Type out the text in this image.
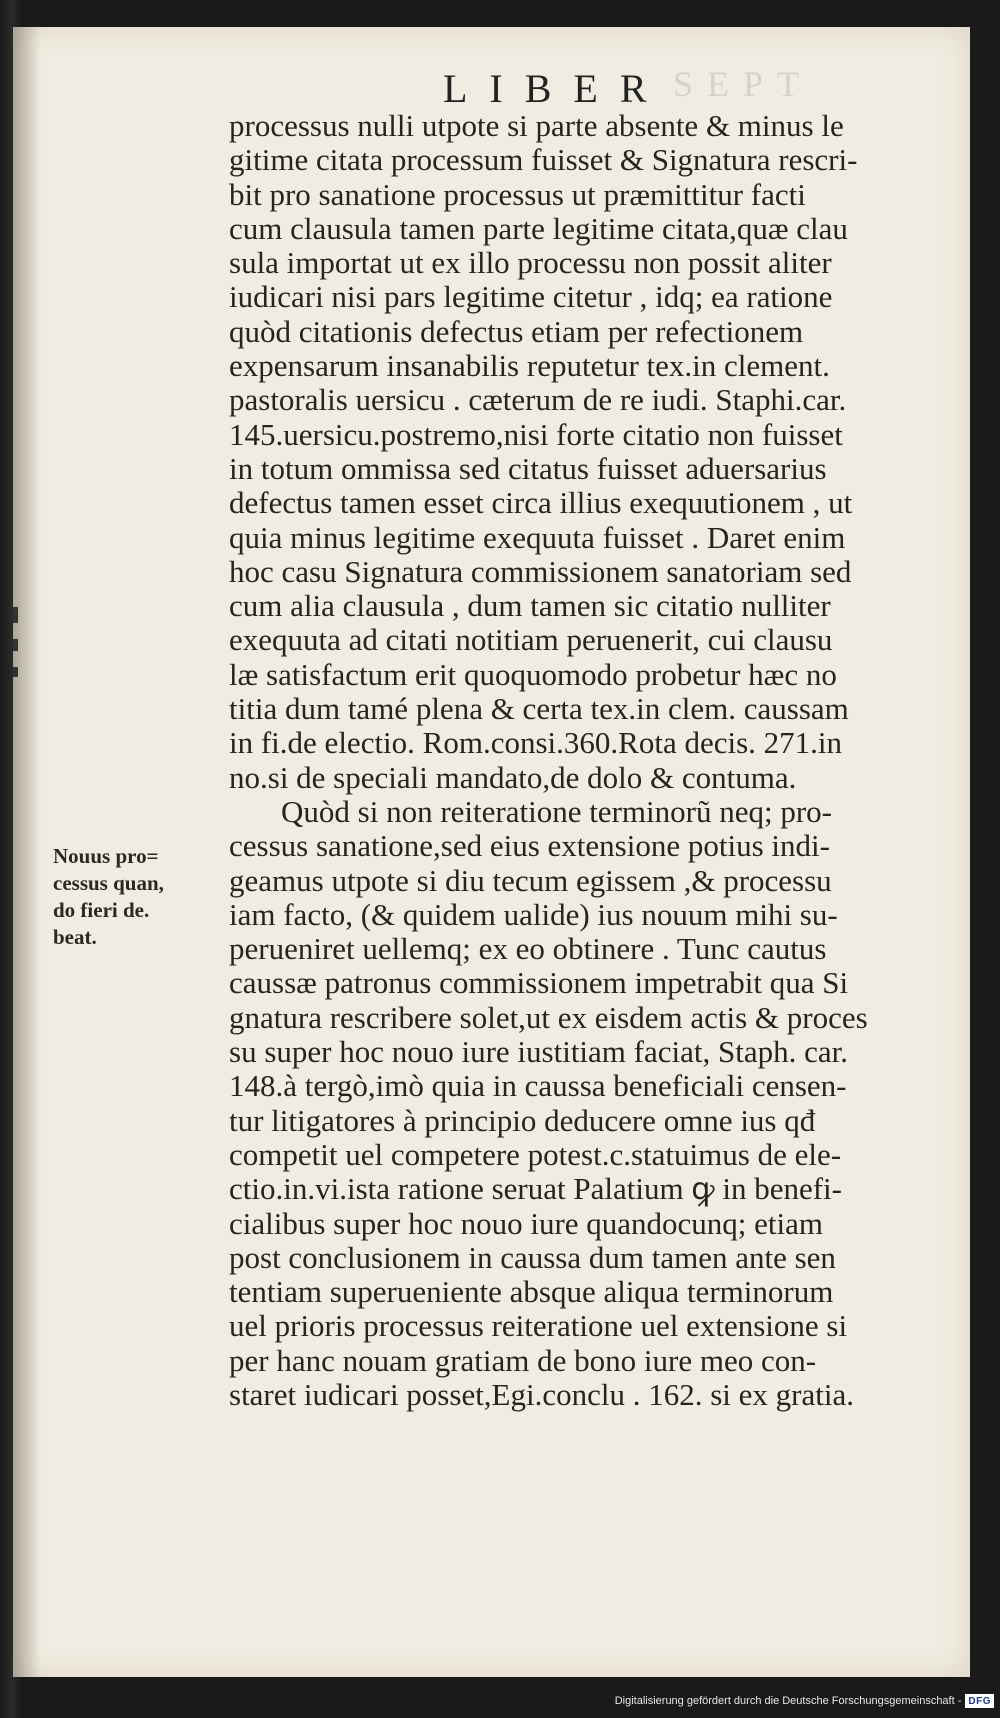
SEPT
LIBER
Nouus pro=
cessus quan,
do fieri de.
beat.
processus nulli utpote si parte absente & minus le
gitime citata processum fuisset & Signatura rescri-
bit pro sanatione processus ut præmittitur facti
cum clausula tamen parte legitime citata,quæ clau
sula importat ut ex illo processu non possit aliter
iudicari nisi pars legitime citetur , idq; ea ratione
quòd citationis defectus etiam per refectionem
expensarum insanabilis reputetur tex.in clement.
pastoralis uersicu . cæterum de re iudi. Staphi.car.
145.uersicu.postremo,nisi forte citatio non fuisset
in totum ommissa sed citatus fuisset aduersarius
defectus tamen esset circa illius exequutionem , ut
quia minus legitime exequuta fuisset . Daret enim
hoc casu Signatura commissionem sanatoriam sed
cum alia clausula , dum tamen sic citatio nulliter
exequuta ad citati notitiam peruenerit, cui clausu
læ satisfactum erit quoquomodo probetur hæc no
titia dum tamé plena & certa tex.in clem. caussam
in fi.de electio. Rom.consi.360.Rota decis. 271.in
no.si de speciali mandato,de dolo & contuma.
Quòd si non reiteratione terminorũ neq; pro-
cessus sanatione,sed eius extensione potius indi-
geamus utpote si diu tecum egissem ,& processu
iam facto, (& quidem ualide) ius nouum mihi su-
perueniret uellemq; ex eo obtinere . Tunc cautus
caussæ patronus commissionem impetrabit qua Si
gnatura rescribere solet,ut ex eisdem actis & proces
su super hoc nouo iure iustitiam faciat, Staph. car.
148.à tergò,imò quia in caussa beneficiali censen-
tur litigatores à principio deducere omne ius qđ
competit uel competere potest.c.statuimus de ele-
ctio.in.vi.ista ratione seruat Palatium ꝙ in benefi-
cialibus super hoc nouo iure quandocunq; etiam
post conclusionem in caussa dum tamen ante sen
tentiam superueniente absque aliqua terminorum
uel prioris processus reiteratione uel extensione si
per hanc nouam gratiam de bono iure meo con-
staret iudicari posset,Egi.conclu . 162. si ex gratia.
Digitalisierung gefördert durch die Deutsche Forschungsgemeinschaft - DFG
